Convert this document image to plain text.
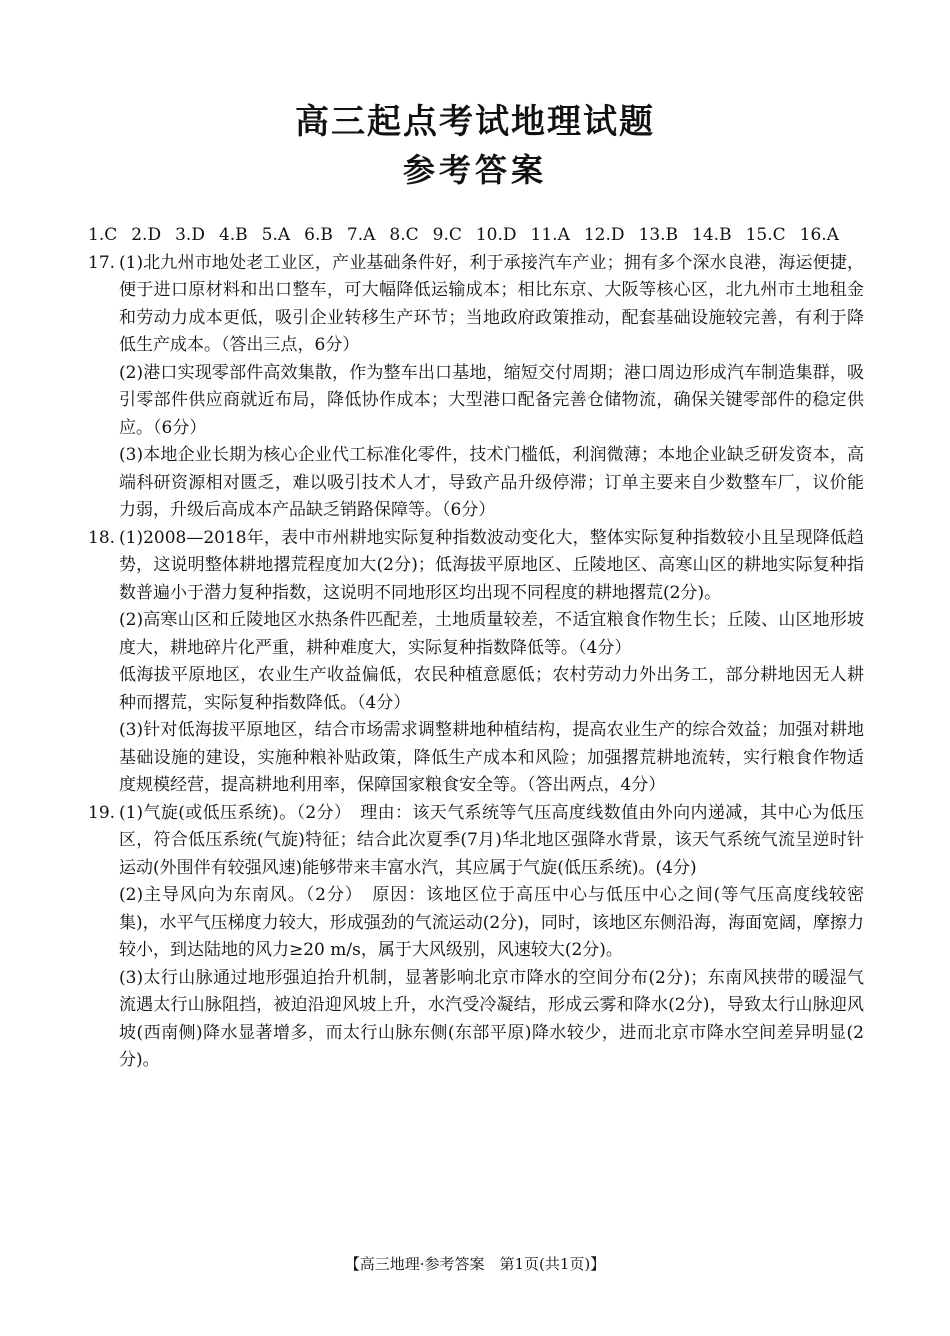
高三起点考试地理试题
参考答案
1.C 2.D 3.D 4.B 5.A 6.B 7.A 8.C 9.C 10.D 11.A 12.D 13.B 14.B 15.C 16.A
17. (1)北九州市地处老工业区，产业基础条件好，利于承接汽车产业；拥有多个深水良港，海运便捷，便于进口原材料和出口整车，可大幅降低运输成本；相比东京、大阪等核心区，北九州市土地租金和劳动力成本更低，吸引企业转移生产环节；当地政府政策推动，配套基础设施较完善，有利于降低生产成本。（答出三点，6分）
(2)港口实现零部件高效集散，作为整车出口基地，缩短交付周期；港口周边形成汽车制造集群，吸引零部件供应商就近布局，降低协作成本；大型港口配备完善仓储物流，确保关键零部件的稳定供应。（6分）
(3)本地企业长期为核心企业代工标准化零件，技术门槛低，利润微薄；本地企业缺乏研发资本，高端科研资源相对匮乏，难以吸引技术人才，导致产品升级停滞；订单主要来自少数整车厂，议价能力弱，升级后高成本产品缺乏销路保障等。（6分）
18. (1)2008—2018年，表中市州耕地实际复种指数波动变化大，整体实际复种指数较小且呈现降低趋势，这说明整体耕地撂荒程度加大(2分)；低海拔平原地区、丘陵地区、高寒山区的耕地实际复种指数普遍小于潜力复种指数，这说明不同地形区均出现不同程度的耕地撂荒(2分)。
(2)高寒山区和丘陵地区水热条件匹配差，土地质量较差，不适宜粮食作物生长；丘陵、山区地形坡度大，耕地碎片化严重，耕种难度大，实际复种指数降低等。（4分）
低海拔平原地区，农业生产收益偏低，农民种植意愿低；农村劳动力外出务工，部分耕地因无人耕种而撂荒，实际复种指数降低。（4分）
(3)针对低海拔平原地区，结合市场需求调整耕地种植结构，提高农业生产的综合效益；加强对耕地基础设施的建设，实施种粮补贴政策，降低生产成本和风险；加强撂荒耕地流转，实行粮食作物适度规模经营，提高耕地利用率，保障国家粮食安全等。（答出两点，4分）
19. (1)气旋(或低压系统)。（2分）　理由：该天气系统等气压高度线数值由外向内递减，其中心为低压区，符合低压系统(气旋)特征；结合此次夏季(7月)华北地区强降水背景，该天气系统气流呈逆时针运动(外围伴有较强风速)能够带来丰富水汽，其应属于气旋(低压系统)。(4分)
(2)主导风向为东南风。（2分）　原因：该地区位于高压中心与低压中心之间(等气压高度线较密集)，水平气压梯度力较大，形成强劲的气流运动(2分)，同时，该地区东侧沿海，海面宽阔，摩擦力较小，到达陆地的风力≥20 m/s，属于大风级别，风速较大(2分)。
(3)太行山脉通过地形强迫抬升机制，显著影响北京市降水的空间分布(2分)；东南风挟带的暖湿气流遇太行山脉阻挡，被迫沿迎风坡上升，水汽受冷凝结，形成云雾和降水(2分)，导致太行山脉迎风坡(西南侧)降水显著增多，而太行山脉东侧(东部平原)降水较少，进而北京市降水空间差异明显(2分)。
【高三地理·参考答案　第1页(共1页)】
